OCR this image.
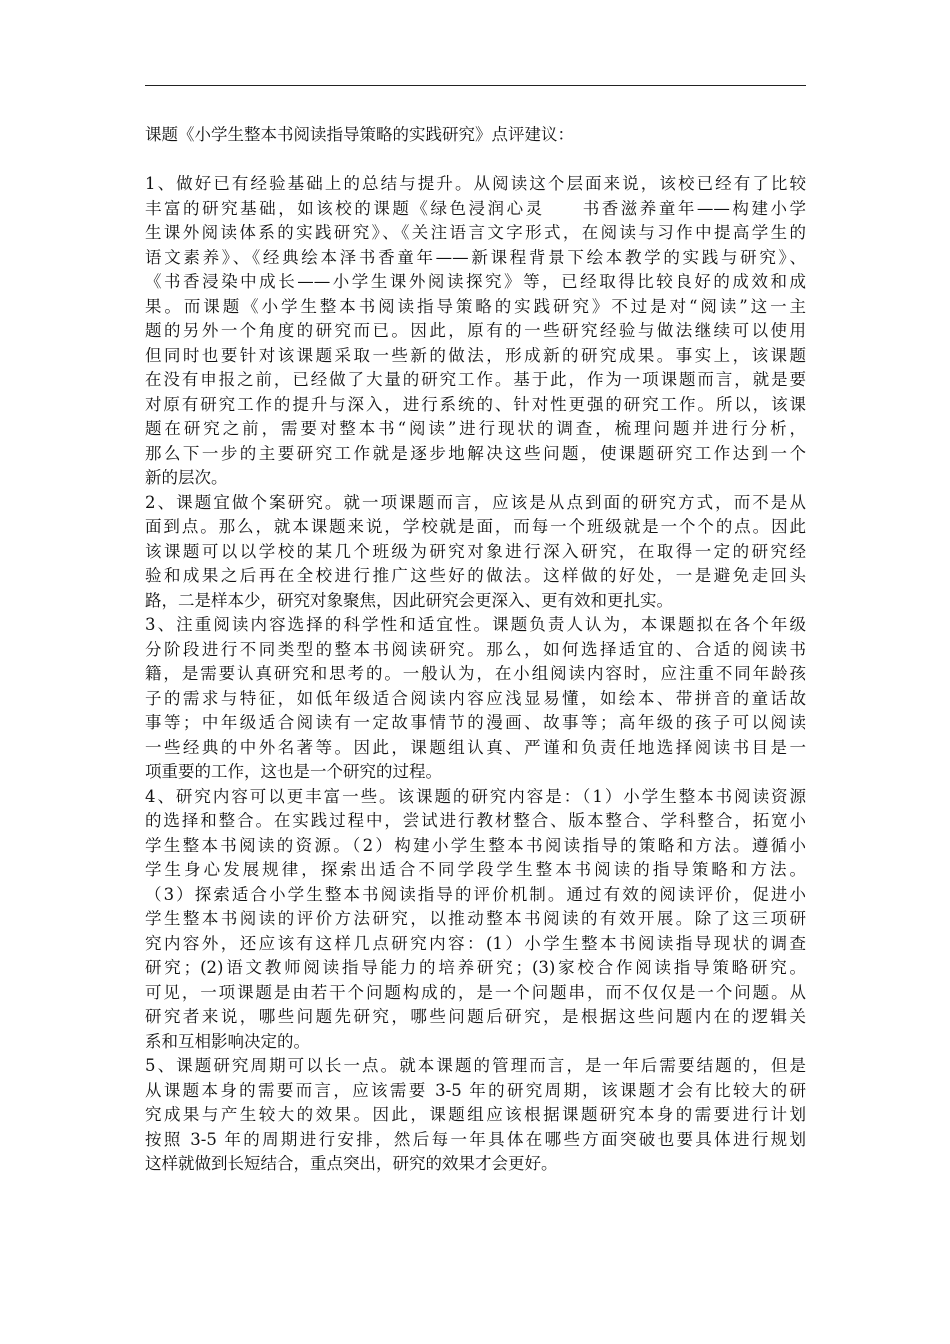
课题《小学生整本书阅读指导策略的实践研究》点评建议：

1、做好已有经验基础上的总结与提升。从阅读这个层面来说，该校已经有了比较
丰富的研究基础，如该校的课题《绿色浸润心灵　　书香滋养童年——构建小学
生课外阅读体系的实践研究》、《关注语言文字形式，在阅读与习作中提高学生的
语文素养》、《经典绘本泽书香童年——新课程背景下绘本教学的实践与研究》、
《书香浸染中成长——小学生课外阅读探究》等，已经取得比较良好的成效和成
果。而课题《小学生整本书阅读指导策略的实践研究》不过是对“阅读”这一主
题的另外一个角度的研究而已。因此，原有的一些研究经验与做法继续可以使用
但同时也要针对该课题采取一些新的做法，形成新的研究成果。事实上，该课题
在没有申报之前，已经做了大量的研究工作。基于此，作为一项课题而言，就是要
对原有研究工作的提升与深入，进行系统的、针对性更强的研究工作。所以，该课
题在研究之前，需要对整本书“阅读”进行现状的调查，梳理问题并进行分析，
那么下一步的主要研究工作就是逐步地解决这些问题，使课题研究工作达到一个
新的层次。
2、课题宜做个案研究。就一项课题而言，应该是从点到面的研究方式，而不是从
面到点。那么，就本课题来说，学校就是面，而每一个班级就是一个个的点。因此
该课题可以以学校的某几个班级为研究对象进行深入研究，在取得一定的研究经
验和成果之后再在全校进行推广这些好的做法。这样做的好处，一是避免走回头
路，二是样本少，研究对象聚焦，因此研究会更深入、更有效和更扎实。
3、注重阅读内容选择的科学性和适宜性。课题负责人认为，本课题拟在各个年级
分阶段进行不同类型的整本书阅读研究。那么，如何选择适宜的、合适的阅读书
籍，是需要认真研究和思考的。一般认为，在小组阅读内容时，应注重不同年龄孩
子的需求与特征，如低年级适合阅读内容应浅显易懂，如绘本、带拼音的童话故
事等；中年级适合阅读有一定故事情节的漫画、故事等；高年级的孩子可以阅读
一些经典的中外名著等。因此，课题组认真、严谨和负责任地选择阅读书目是一
项重要的工作，这也是一个研究的过程。
4、研究内容可以更丰富一些。该课题的研究内容是：（1）小学生整本书阅读资源
的选择和整合。在实践过程中，尝试进行教材整合、版本整合、学科整合，拓宽小
学生整本书阅读的资源。（2）构建小学生整本书阅读指导的策略和方法。遵循小
学生身心发展规律，探索出适合不同学段学生整本书阅读的指导策略和方法。
（3）探索适合小学生整本书阅读指导的评价机制。通过有效的阅读评价，促进小
学生整本书阅读的评价方法研究，以推动整本书阅读的有效开展。除了这三项研
究内容外，还应该有这样几点研究内容：(1）小学生整本书阅读指导现状的调查
研究；(2)语文教师阅读指导能力的培养研究；(3)家校合作阅读指导策略研究。
可见，一项课题是由若干个问题构成的，是一个问题串，而不仅仅是一个问题。从
研究者来说，哪些问题先研究，哪些问题后研究，是根据这些问题内在的逻辑关
系和互相影响决定的。
5、课题研究周期可以长一点。就本课题的管理而言，是一年后需要结题的，但是
从课题本身的需要而言，应该需要 3-5 年的研究周期，该课题才会有比较大的研
究成果与产生较大的效果。因此，课题组应该根据课题研究本身的需要进行计划
按照 3-5 年的周期进行安排，然后每一年具体在哪些方面突破也要具体进行规划
这样就做到长短结合，重点突出，研究的效果才会更好。
